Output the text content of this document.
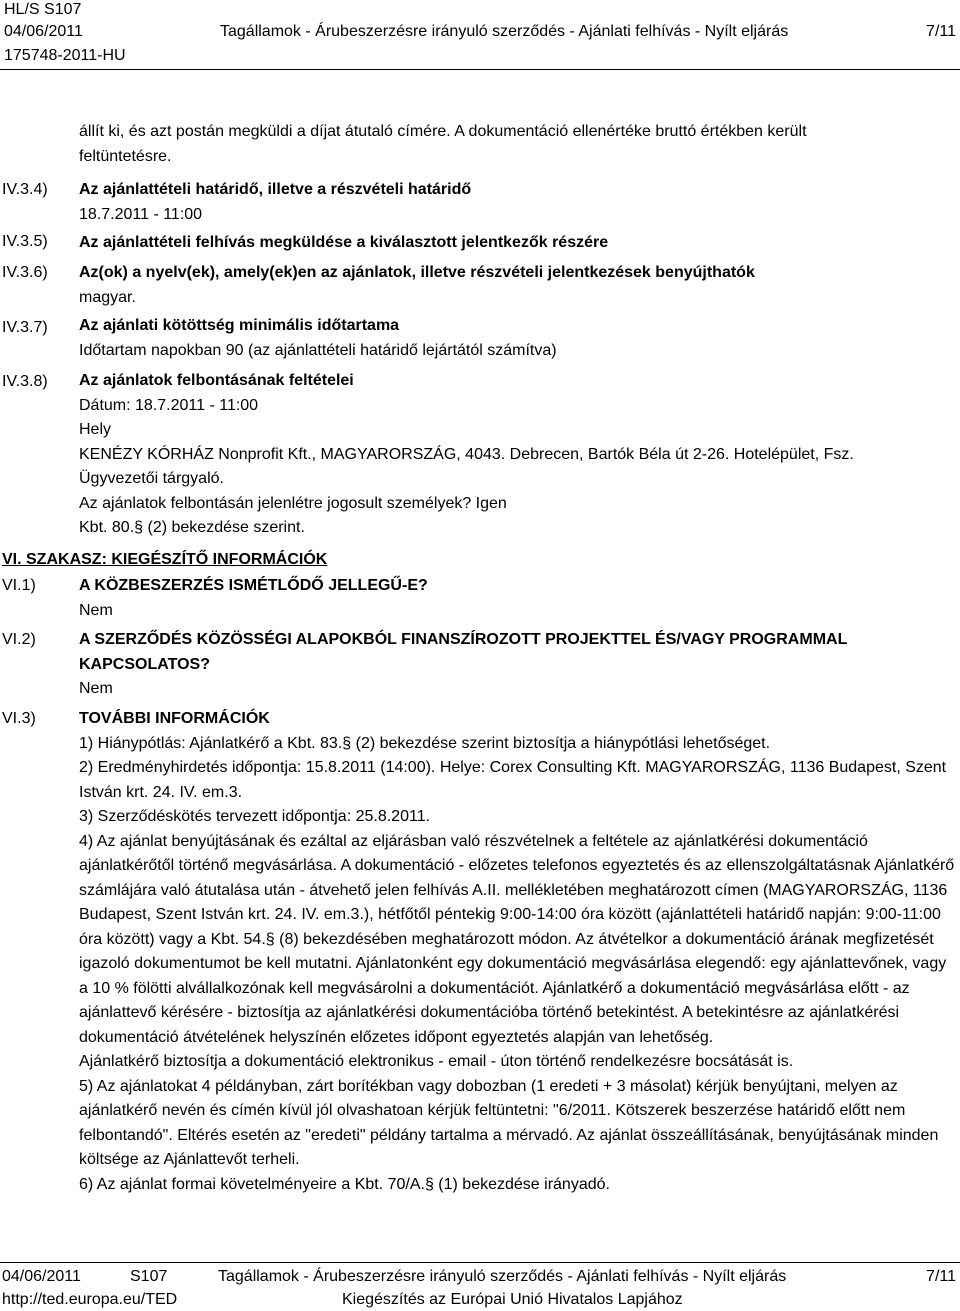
HL/S S107
04/06/2011	Tagállamok - Árubeszerzésre irányuló szerződés - Ajánlati felhívás - Nyílt eljárás	7/11
175748-2011-HU
állít ki, és azt postán megküldi a díjat átutaló címére. A dokumentáció ellenértéke bruttó értékben került
feltüntetésre.
IV.3.4) Az ajánlattételi határidő, illetve a részvételi határidő
18.7.2011 - 11:00
IV.3.5) Az ajánlattételi felhívás megküldése a kiválasztott jelentkezők részére
IV.3.6) Az(ok) a nyelv(ek), amely(ek)en az ajánlatok, illetve részvételi jelentkezések benyújthatók
magyar.
IV.3.7) Az ajánlati kötöttség minimális időtartama
Időtartam napokban 90 (az ajánlattételi határidő lejártától számítva)
IV.3.8) Az ajánlatok felbontásának feltételei
Dátum: 18.7.2011 - 11:00
Hely
KENÉZY KÓRHÁZ Nonprofit Kft., MAGYARORSZÁG, 4043. Debrecen, Bartók Béla út 2-26. Hotelépület, Fsz.
Ügyvezetői tárgyaló.
Az ajánlatok felbontásán jelenlétre jogosult személyek? Igen
Kbt. 80.§ (2) bekezdése szerint.
VI. SZAKASZ: KIEGÉSZÍTŐ INFORMÁCIÓK
VI.1)	A KÖZBESZERZÉS ISMÉTLŐDŐ JELLEGŰ-E?
Nem
VI.2)	A SZERZŐDÉS KÖZÖSSÉGI ALAPOKBÓL FINANSZÍROZOTT PROJEKTTEL ÉS/VAGY PROGRAMMAL KAPCSOLATOS?
Nem
VI.3)	TOVÁBBI INFORMÁCIÓK
1) Hiánypótlás: Ajánlatkérő a Kbt. 83.§ (2) bekezdése szerint biztosítja a hiánypótlási lehetőséget.
2) Eredményhirdetés időpontja: 15.8.2011 (14:00). Helye: Corex Consulting Kft. MAGYARORSZÁG, 1136 Budapest, Szent István krt. 24. IV. em.3.
3) Szerződéskötés tervezett időpontja: 25.8.2011.
4) Az ajánlat benyújtásának és ezáltal az eljárásban való részvételnek a feltétele az ajánlatkérési dokumentáció ajánlatkérőtől történő megvásárlása. A dokumentáció - előzetes telefonos egyeztetés és az ellenszolgáltatásnak Ajánlatkérő számlájára való átutalása után - átvehető jelen felhívás A.II. mellékletében meghatározott címen (MAGYARORSZÁG, 1136 Budapest, Szent István krt. 24. IV. em.3.), hétfőtől péntekig 9:00-14:00 óra között (ajánlattételi határidő napján: 9:00-11:00 óra között) vagy a Kbt. 54.§ (8) bekezdésében meghatározott módon. Az átvételkor a dokumentáció árának megfizetését igazoló dokumentumot be kell mutatni. Ajánlatonként egy dokumentáció megvásárlása elegendő: egy ajánlattevőnek, vagy a 10 % fölötti alvállalkozónak kell megvásárolni a dokumentációt. Ajánlatkérő a dokumentáció megvásárlása előtt - az ajánlattevő kérésére - biztosítja az ajánlatkérési dokumentációba történő betekintést. A betekintésre az ajánlatkérési dokumentáció átvételének helyszínén előzetes időpont egyeztetés alapján van lehetőség.
Ajánlatkérő biztosítja a dokumentáció elektronikus - email - úton történő rendelkezésre bocsátását is.
5) Az ajánlatokat 4 példányban, zárt borítékban vagy dobozban (1 eredeti + 3 másolat) kérjük benyújtani, melyen az ajánlatkérő nevén és címén kívül jól olvashatoan kérjük feltüntetni: "6/2011. Kötszerek beszerzése határidő előtt nem felbontandó". Eltérés esetén az "eredeti" példány tartalma a mérvadó. Az ajánlat összeállításának, benyújtásának minden költsége az Ajánlattevőt terheli.
6) Az ajánlat formai követelményeire a Kbt. 70/A.§ (1) bekezdése irányadó.
04/06/2011	S107	Tagállamok - Árubeszerzésre irányuló szerződés - Ajánlati felhívás - Nyílt eljárás	7/11
http://ted.europa.eu/TED	Kiegészítés az Európai Unió Hivatalos Lapjához
